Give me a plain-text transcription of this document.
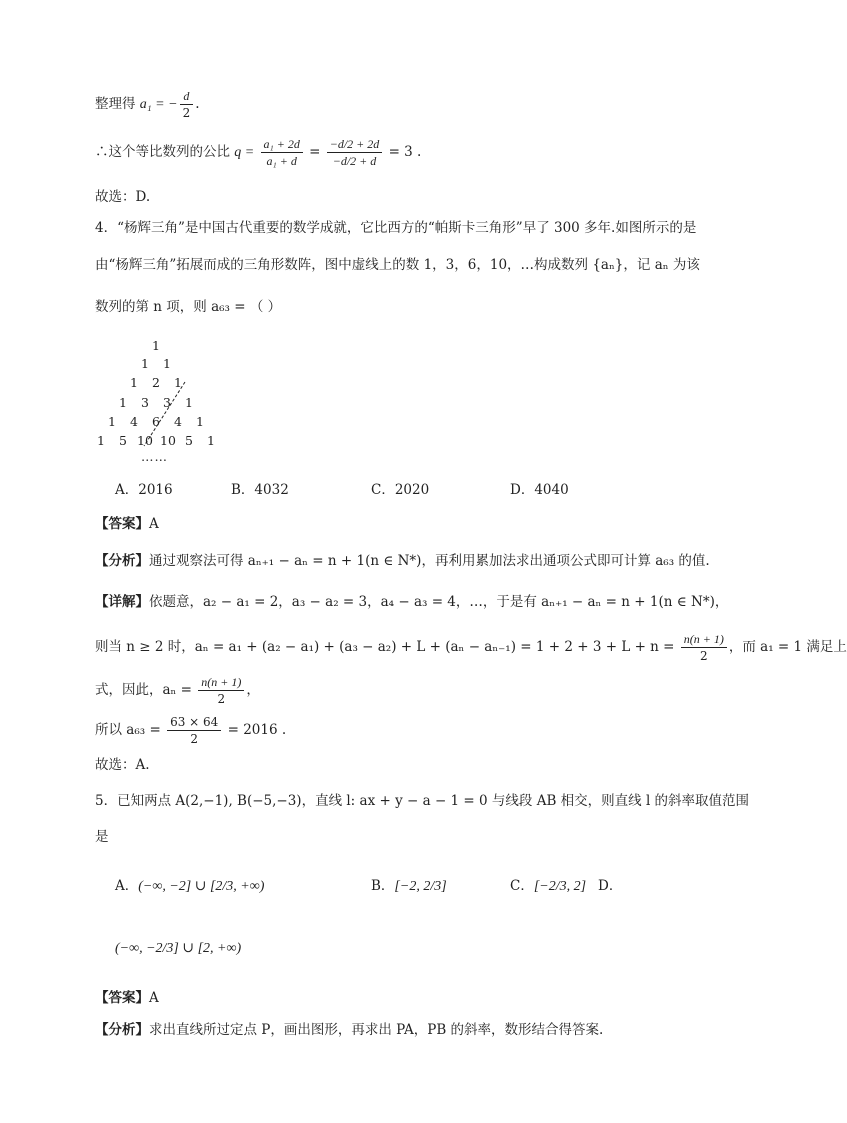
整理得 a₁ = − $\frac{d}{2}$ .
∴这个等比数列的公比 $q = \frac{\text{a₁ + 2d}}{\text{a₁ + d}} = \frac{-d/2 + 2d}{-d/2 + d} = 3$ .
故选：D.
4．“杨辉三角”是中国古代重要的数学成就，它比西方的“帕斯卡三角形”早了 300 多年.如图所示的是
由“杨辉三角”拓展而成的三角形数阵，图中虚线上的数 1，3，6，10，…构成数列 {aₙ}，记 aₙ 为该
数列的第 n 项，则 a₆₃ = （ ）
1
1 1
1 2 1
1 3 3 1
1 4 6 4 1
1 5 10 10 5 1
……
A．2016	B．4032	C．2020	D．4040
【答案】A
【分析】通过观察法可得 aₙ₊₁ − aₙ = n + 1(n ∈ N*)，再利用累加法求出通项公式即可计算 a₆₃ 的值.
【详解】依题意，a₂ − a₁ = 2，a₃ − a₂ = 3，a₄ − a₃ = 4，…，于是有 aₙ₊₁ − aₙ = n + 1(n ∈ N*)，
则当 n ≥ 2 时，$a_n = a_1 + (a_2 - a_1) + (a_3 - a_2) + L + (a_n - a_{n-1}) = 1 + 2 + 3 + L + n = \frac{n(n + 1)}{2}$ ，而 a₁ = 1 满足上
式，因此，$a_n = \frac{n(n + 1)}{2}$ ，
所以 $a_{63} = \frac{63 \times 64}{2} = 2016$ .
故选：A.
5．已知两点 A(2,−1), B(−5,−3)，直线 l: ax + y − a − 1 = 0 与线段 AB 相交，则直线 l 的斜率取值范围
是
A．(−∞, −2] ∪ [2/3, +∞)	B．[−2, 2/3]	C．[−2/3, 2] D．
(−∞, −2/3] ∪ [2, +∞)
【答案】A
【分析】求出直线所过定点 P，画出图形，再求出 PA，PB 的斜率，数形结合得答案.
